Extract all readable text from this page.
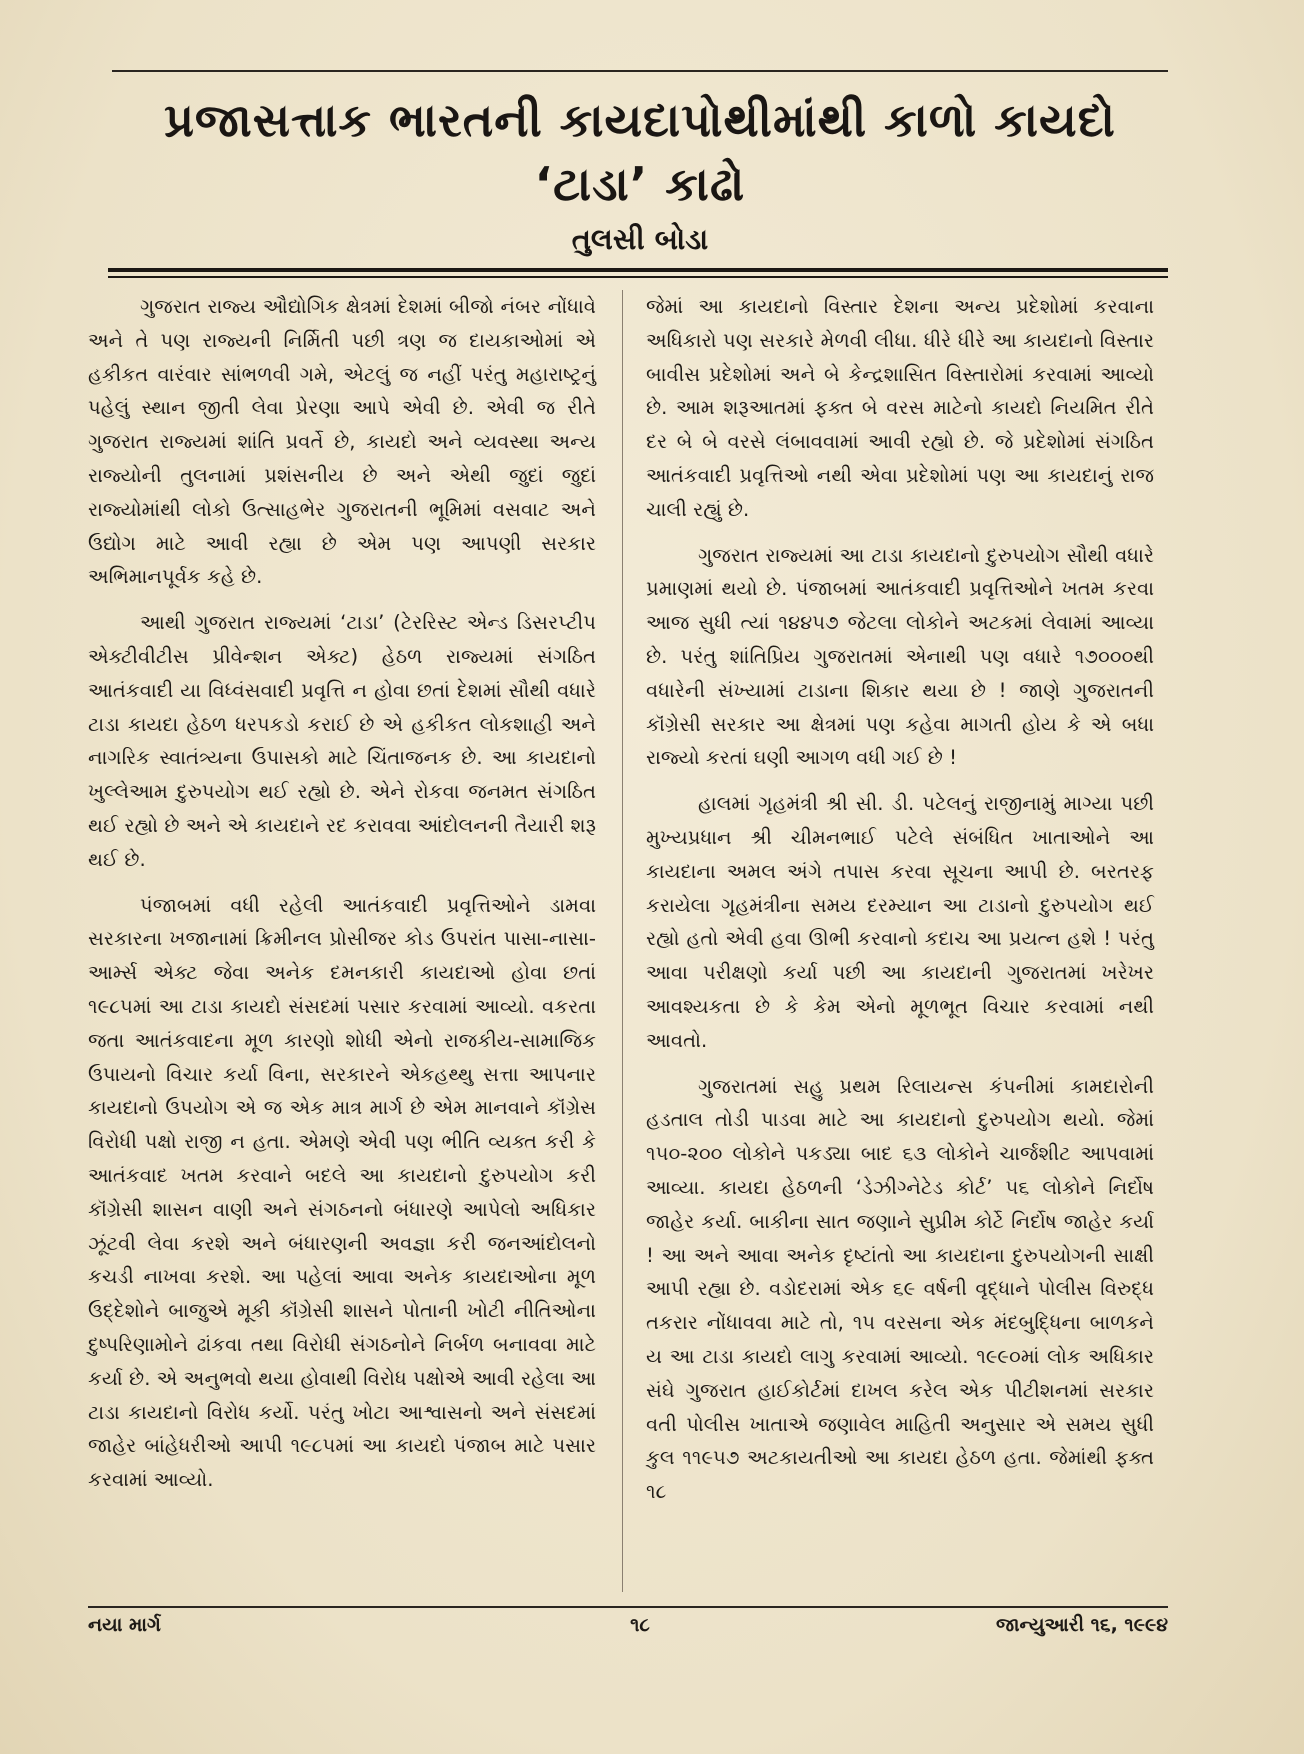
પ્રજાસત્તાક ભારતની કાયદાપોથીમાંથી કાળો કાયદો
‘ટાડા’ કાઢો
તુલસી બોડા

ગુજરાત રાજ્ય ઔદ્યોગિક ક્ષેત્રમાં દેશમાં બીજો નંબર નોંધાવે અને તે પણ રાજ્યની નિર્મિતી પછી ત્રણ જ દાયકાઓમાં એ હકીકત વારંવાર સાંભળવી ગમે, એટલું જ નહીં પરંતુ મહારાષ્ટ્રનું પહેલું સ્થાન જીતી લેવા પ્રેરણા આપે એવી છે. એવી જ રીતે ગુજરાત રાજ્યમાં શાંતિ પ્રવર્તે છે, કાયદો અને વ્યવસ્થા અન્ય રાજ્યોની તુલનામાં પ્રશંસનીય છે અને એથી જુદાં જુદાં રાજ્યોમાંથી લોકો ઉત્સાહભેર ગુજરાતની ભૂમિમાં વસવાટ અને ઉદ્યોગ માટે આવી રહ્યા છે એમ પણ આપણી સરકાર અભિમાનપૂર્વક કહે છે.

આથી ગુજરાત રાજ્યમાં ‘ટાડા’ (ટેરરિસ્ટ એન્ડ ડિસરપ્ટીપ એક્ટીવીટીસ પ્રીવેન્શન એક્ટ) હેઠળ રાજ્યમાં સંગઠિત આતંકવાદી યા વિધ્વંસવાદી પ્રવૃત્તિ ન હોવા છતાં દેશમાં સૌથી વધારે ટાડા કાયદા હેઠળ ધરપકડો કરાઈ છે એ હકીકત લોકશાહી અને નાગરિક સ્વાતંત્ર્યના ઉપાસકો માટે ચિંતાજનક છે. આ કાયદાનો ખુલ્લેઆમ દુરુપયોગ થઈ રહ્યો છે. એને રોકવા જનમત સંગઠિત થઈ રહ્યો છે અને એ કાયદાને રદ કરાવવા આંદોલનની તૈયારી શરૂ થઈ છે.

પંજાબમાં વધી રહેલી આતંકવાદી પ્રવૃત્તિઓને ડામવા સરકારના ખજાનામાં ક્રિમીનલ પ્રોસીજર કોડ ઉપરાંત પાસા-નાસા-આર્મ્સ એક્ટ જેવા અનેક દમનકારી કાયદાઓ હોવા છતાં ૧૯૮૫માં આ ટાડા કાયદો સંસદમાં પસાર કરવામાં આવ્યો. વકરતા જતા આતંકવાદના મૂળ કારણો શોધી એનો રાજકીય-સામાજિક ઉપાયનો વિચાર કર્યા વિના, સરકારને એકહથ્થુ સત્તા આપનાર કાયદાનો ઉપયોગ એ જ એક માત્ર માર્ગ છે એમ માનવાને કૉંગ્રેસ વિરોધી પક્ષો રાજી ન હતા. એમણે એવી પણ ભીતિ વ્યક્ત કરી કે આતંકવાદ ખતમ કરવાને બદલે આ કાયદાનો દુરુપયોગ કરી કૉંગ્રેસી શાસન વાણી અને સંગઠનનો બંધારણે આપેલો અધિકાર ઝૂંટવી લેવા કરશે અને બંધારણની અવજ્ઞા કરી જનઆંદોલનો કચડી નાખવા કરશે. આ પહેલાં આવા અનેક કાયદાઓના મૂળ ઉદ્દેશોને બાજુએ મૂકી કૉંગ્રેસી શાસને પોતાની ખોટી નીતિઓના દુષ્પરિણામોને ઢાંકવા તથા વિરોધી સંગઠનોને નિર્બળ બનાવવા માટે કર્યા છે. એ અનુભવો થયા હોવાથી વિરોધ પક્ષોએ આવી રહેલા આ ટાડા કાયદાનો વિરોધ કર્યો. પરંતુ ખોટા આશ્વાસનો અને સંસદમાં જાહેર બાંહેધરીઓ આપી ૧૯૮૫માં આ કાયદો પંજાબ માટે પસાર કરવામાં આવ્યો.

જેમાં આ કાયદાનો વિસ્તાર દેશના અન્ય પ્રદેશોમાં કરવાના અધિકારો પણ સરકારે મેળવી લીધા. ધીરે ધીરે આ કાયદાનો વિસ્તાર બાવીસ પ્રદેશોમાં અને બે કેન્દ્રશાસિત વિસ્તારોમાં કરવામાં આવ્યો છે. આમ શરૂઆતમાં ફક્ત બે વરસ માટેનો કાયદો નિયમિત રીતે દર બે બે વરસે લંબાવવામાં આવી રહ્યો છે. જે પ્રદેશોમાં સંગઠિત આતંકવાદી પ્રવૃત્તિઓ નથી એવા પ્રદેશોમાં પણ આ કાયદાનું રાજ ચાલી રહ્યું છે.

ગુજરાત રાજ્યમાં આ ટાડા કાયદાનો દુરુપયોગ સૌથી વધારે પ્રમાણમાં થયો છે. પંજાબમાં આતંકવાદી પ્રવૃત્તિઓને ખતમ કરવા આજ સુધી ત્યાં ૧૪૪૫૭ જેટલા લોકોને અટકમાં લેવામાં આવ્યા છે. પરંતુ શાંતિપ્રિય ગુજરાતમાં એનાથી પણ વધારે ૧૭૦૦૦થી વધારેની સંખ્યામાં ટાડાના શિકાર થયા છે ! જાણે ગુજરાતની કૉંગ્રેસી સરકાર આ ક્ષેત્રમાં પણ કહેવા માગતી હોય કે એ બધા રાજ્યો કરતાં ઘણી આગળ વધી ગઈ છે !

હાલમાં ગૃહમંત્રી શ્રી સી. ડી. પટેલનું રાજીનામું માગ્યા પછી મુખ્યપ્રધાન શ્રી ચીમનભાઈ પટેલે સંબંધિત ખાતાઓને આ કાયદાના અમલ અંગે તપાસ કરવા સૂચના આપી છે. બરતરફ કરાયેલા ગૃહમંત્રીના સમય દરમ્યાન આ ટાડાનો દુરુપયોગ થઈ રહ્યો હતો એવી હવા ઊભી કરવાનો કદાચ આ પ્રયત્ન હશે ! પરંતુ આવા પરીક્ષણો કર્યા પછી આ કાયદાની ગુજરાતમાં ખરેખર આવશ્યકતા છે કે કેમ એનો મૂળભૂત વિચાર કરવામાં નથી આવતો.

ગુજરાતમાં સહુ પ્રથમ રિલાયન્સ કંપનીમાં કામદારોની હડતાલ તોડી પાડવા માટે આ કાયદાનો દુરુપયોગ થયો. જેમાં ૧૫૦-૨૦૦ લોકોને પકડ્યા બાદ ૬૩ લોકોને ચાર્જશીટ આપવામાં આવ્યા. કાયદા હેઠળની ‘ડેઝીગ્નેટેડ કોર્ટ’ ૫૬ લોકોને નિર્દોષ જાહેર કર્યા. બાકીના સાત જણાને સુપ્રીમ કોર્ટે નિર્દોષ જાહેર કર્યા ! આ અને આવા અનેક દૃષ્ટાંતો આ કાયદાના દુરુપયોગની સાક્ષી આપી રહ્યા છે. વડોદરામાં એક ૬૯ વર્ષની વૃદ્ધાને પોલીસ વિરુદ્ધ તકરાર નોંધાવવા માટે તો, ૧૫ વરસના એક મંદબુદ્ધિના બાળકને ય આ ટાડા કાયદો લાગુ કરવામાં આવ્યો. ૧૯૯૦માં લોક અધિકાર સંઘે ગુજરાત હાઈકોર્ટમાં દાખલ કરેલ એક પીટીશનમાં સરકાર વતી પોલીસ ખાતાએ જણાવેલ માહિતી અનુસાર એ સમય સુધી કુલ ૧૧૯૫૭ અટકાયતીઓ આ કાયદા હેઠળ હતા. જેમાંથી ફક્ત ૧૮

નયા માર્ગ	૧૮	જાન્યુઆરી ૧૬, ૧૯૯૪
